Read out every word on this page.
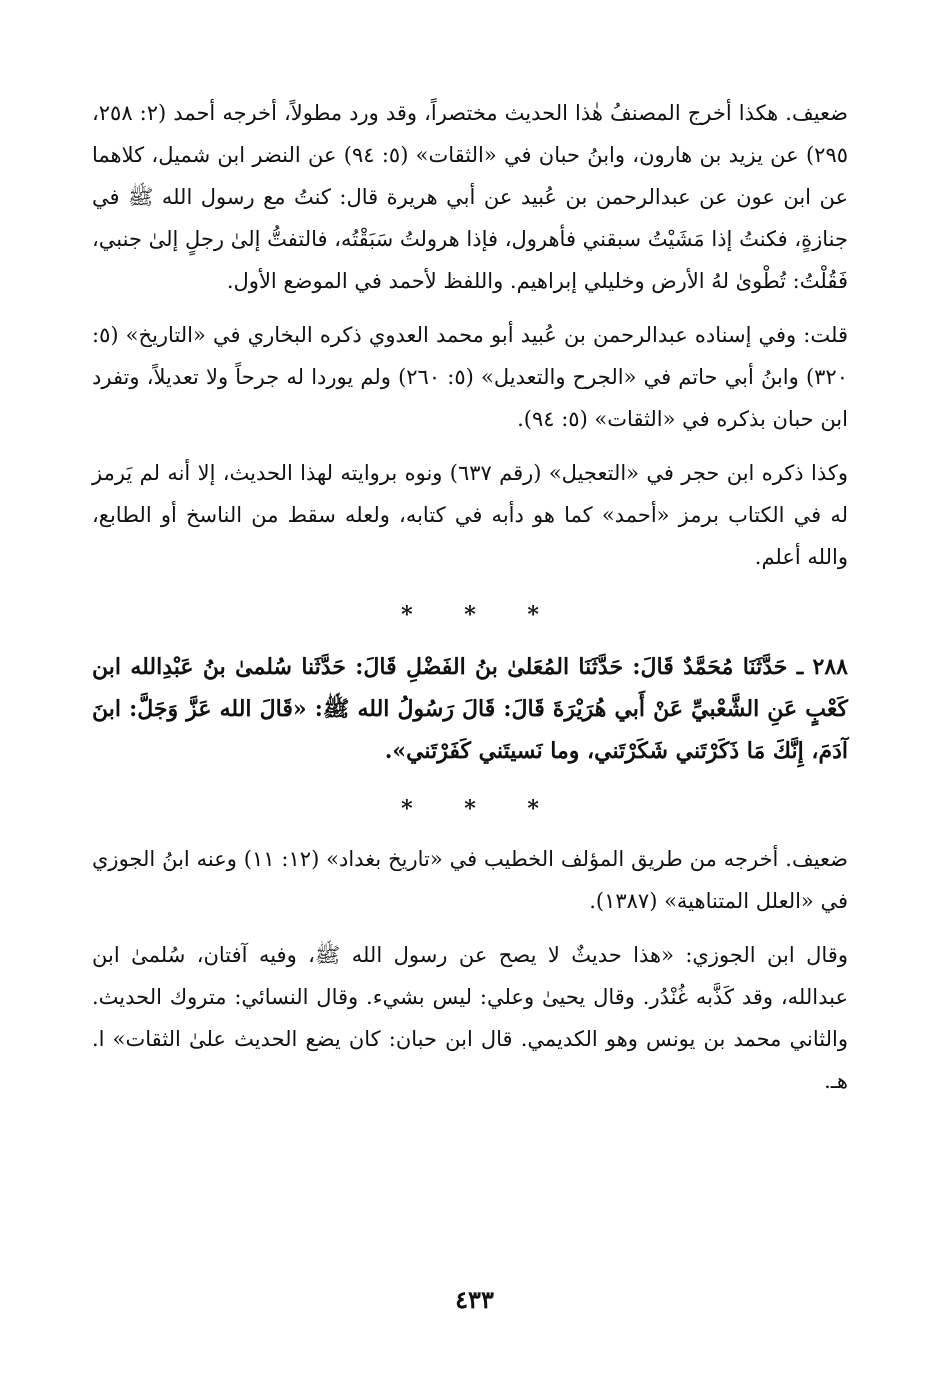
ضعيف. هكذا أخرج المصنفُ هٰذا الحديث مختصراً، وقد ورد مطولاً، أخرجه أحمد (٢: ٢٥٨، ٢٩٥) عن يزيد بن هارون، وابنُ حبان في «الثقات» (٥: ٩٤) عن النضر ابن شميل، كلاهما عن ابن عون عن عبدالرحمن بن عُبيد عن أبي هريرة قال: كنتُ مع رسول الله ﷺ في جنازةٍ، فكنتُ إذا مَشَيْتُ سبقني فأهرول، فإذا هرولتُ سَبَقْتُه، فالتفتُّ إلىٰ رجلٍ إلىٰ جنبي، فَقُلْتُ: تُطْوىٰ لهُ الأرض وخليلي إبراهيم. واللفظ لأحمد في الموضع الأول.

قلت: وفي إسناده عبدالرحمن بن عُبيد أبو محمد العدوي ذكره البخاري في «التاريخ» (٥: ٣٢٠) وابنُ أبي حاتم في «الجرح والتعديل» (٥: ٢٦٠) ولم يوردا له جرحاً ولا تعديلاً، وتفرد ابن حبان بذكره في «الثقات» (٥: ٩٤).

وكذا ذكره ابن حجر في «التعجيل» (رقم ٦٣٧) ونوه بروايته لهذا الحديث، إلا أنه لم يَرمز له في الكتاب برمز «أحمد» كما هو دأبه في كتابه، ولعله سقط من الناسخ أو الطابع، والله أعلم.

* * *

٢٨٨ ـ حَدَّثَنَا مُحَمَّدٌ قَالَ: حَدَّثَنَا المُعَلىٰ بنُ الفَضْلِ قَالَ: حَدَّثَنا سُلمىٰ بنُ عَبْدِالله ابن كَعْبٍ عَنِ الشَّعْبيِّ عَنْ أَبي هُرَيْرَةَ قَالَ: قَالَ رَسُولُ الله ﷺ: «قَالَ الله عَزَّ وَجَلَّ: ابنَ آدَمَ، إِنَّكَ مَا ذَكَرْتَني شَكَرْتَني، وما نَسيتَني كَفَرْتَني».

* * *

ضعيف. أخرجه من طريق المؤلف الخطيب في «تاريخ بغداد» (١٢: ١١) وعنه ابنُ الجوزي في «العلل المتناهية» (١٣٨٧).

وقال ابن الجوزي: «هذا حديثٌ لا يصح عن رسول الله ﷺ، وفيه آفتان، سُلمىٰ ابن عبدالله، وقد كَذَّبه غُنْدُر. وقال يحيىٰ وعلي: ليس بشيء. وقال النسائي: متروك الحديث. والثاني محمد بن يونس وهو الكديمي. قال ابن حبان: كان يضع الحديث علىٰ الثقات» ا. هـ.

٤٣٣
